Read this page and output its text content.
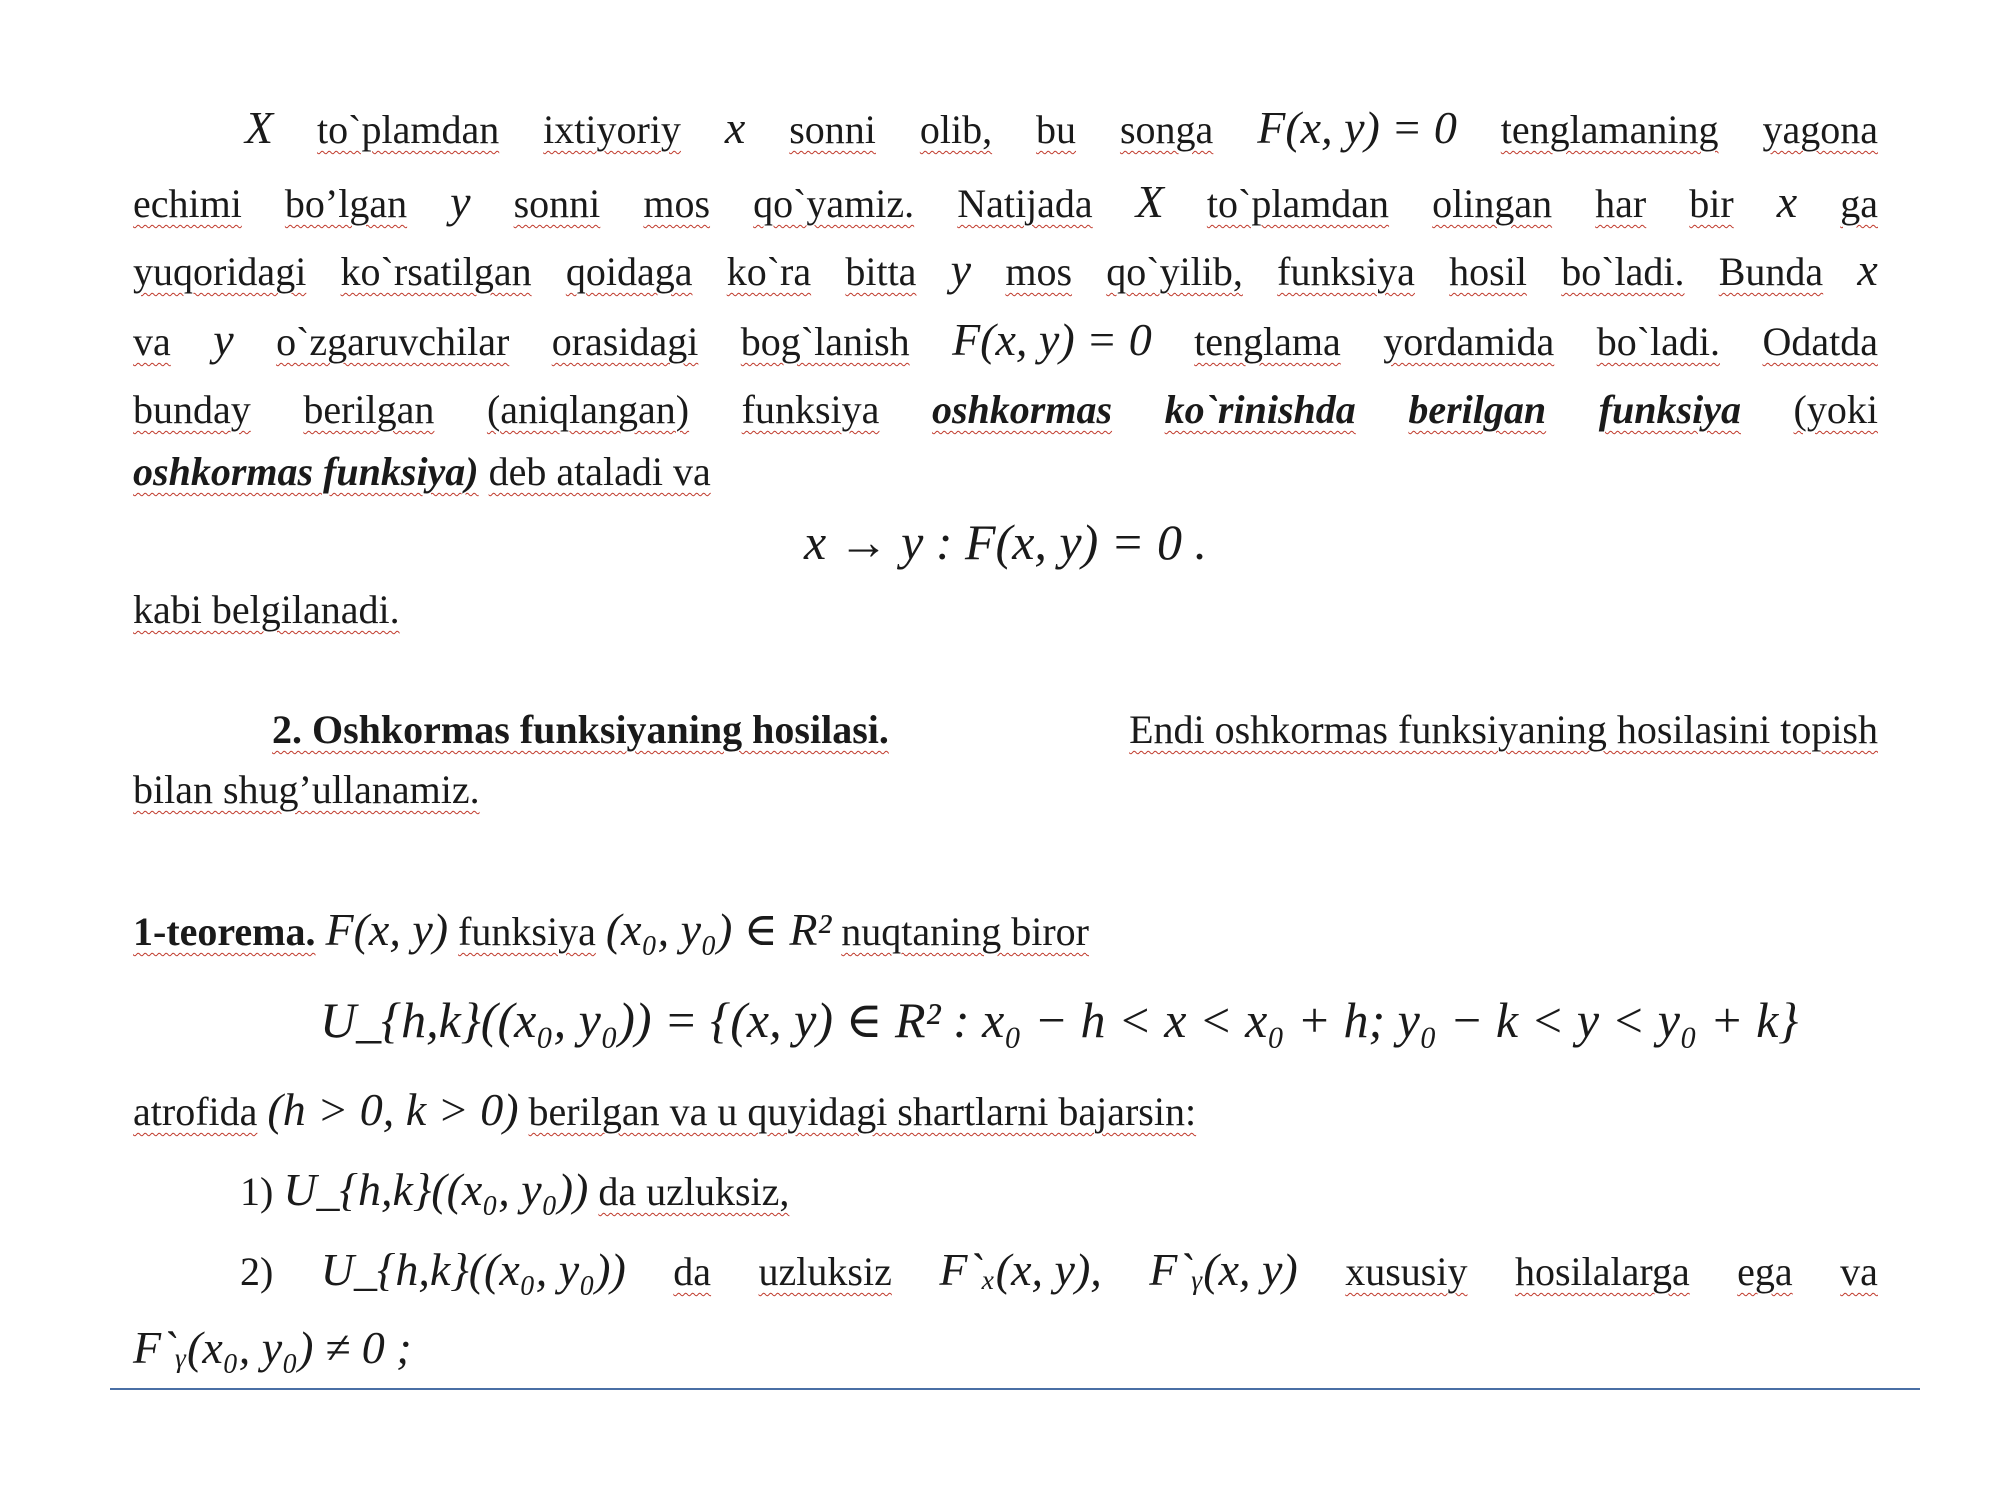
X to`plamdan ixtiyoriy x sonni olib, bu songa F(x, y) = 0 tenglamaning yagona
echimi bo’lgan y sonni mos qo`yamiz. Natijada X to`plamdan olingan har bir x ga
yuqoridagi ko`rsatilgan qoidaga ko`ra bitta y mos qo`yilib, funksiya hosil bo`ladi. Bunda x
va y o`zgaruvchilar orasidagi bog`lanish F(x, y) = 0 tenglama yordamida bo`ladi. Odatda
bunday berilgan (aniqlangan) funksiya oshkormas ko`rinishda berilgan funksiya (yoki
oshkormas funksiya) deb ataladi va
x → y : F(x, y) = 0 .
kabi belgilanadi.
2. Oshkormas funksiyaning hosilasi.	Endi oshkormas funksiyaning hosilasini topish
bilan shug’ullanamiz.
1-teorema. F(x, y) funksiya (x₀, y₀) ∈ R² nuqtaning biror
U_{h,k}((x₀, y₀)) = {(x, y) ∈ R² : x₀ − h < x < x₀ + h; y₀ − k < y < y₀ + k}
atrofida (h > 0, k > 0) berilgan va u quyidagi shartlarni bajarsin:
1) U_{h,k}((x₀, y₀)) da uzluksiz,
2) U_{h,k}((x₀, y₀)) da uzluksiz F`ₓ(x, y), F`ᵧ(x, y) xususiy hosilalarga ega va
F`ᵧ(x₀, y₀) ≠ 0 ;
